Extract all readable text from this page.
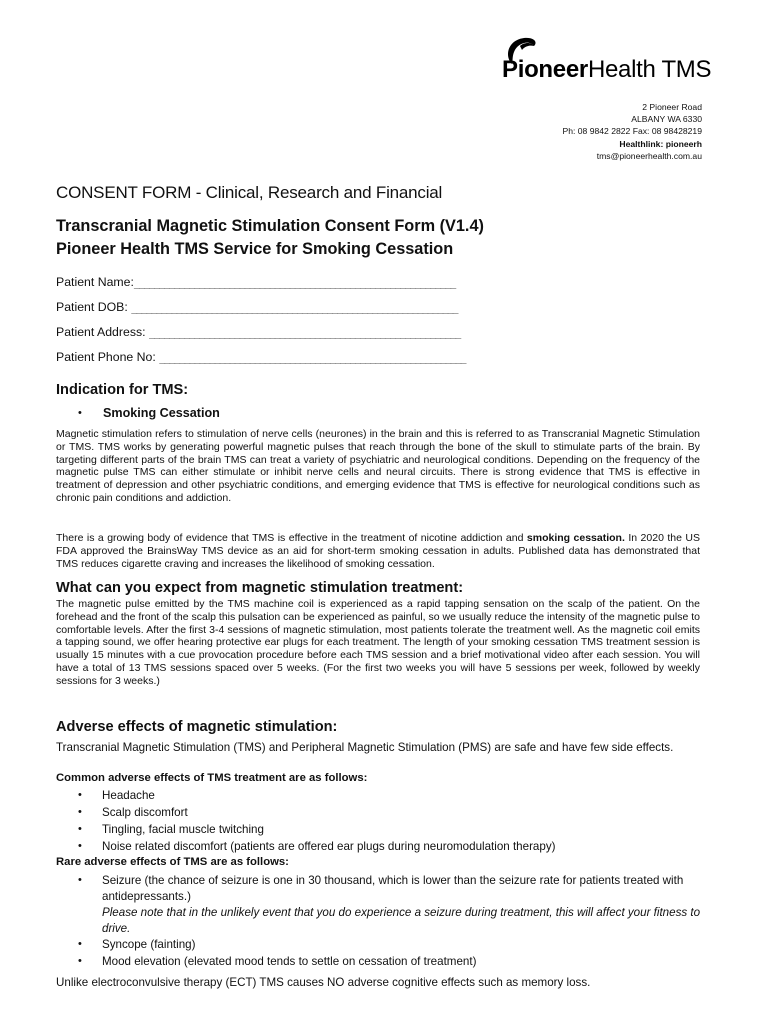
PioneerHealth TMS
2 Pioneer Road
ALBANY WA 6330
Ph: 08 9842 2822 Fax: 08 98428219
Healthlink: pioneerh
tms@pioneerhealth.com.au
CONSENT FORM - Clinical, Research and Financial
Transcranial Magnetic Stimulation Consent Form (V1.4)
Pioneer Health TMS Service for Smoking Cessation
Patient Name:________________________________________________________________
Patient DOB: _________________________________________________________________
Patient Address: ______________________________________________________________
Patient Phone No: _____________________________________________________________
Indication for TMS:
• Smoking Cessation

Magnetic stimulation refers to stimulation of nerve cells (neurones) in the brain and this is referred to as Transcranial Magnetic Stimulation or TMS. TMS works by generating powerful magnetic pulses that reach through the bone of the skull to stimulate parts of the brain. By targeting different parts of the brain TMS can treat a variety of psychiatric and neurological conditions. Depending on the frequency of the magnetic pulse TMS can either stimulate or inhibit nerve cells and neural circuits. There is strong evidence that TMS is effective in treatment of depression and other psychiatric conditions, and emerging evidence that TMS is effective for neurological conditions such as chronic pain conditions and addiction.

There is a growing body of evidence that TMS is effective in the treatment of nicotine addiction and smoking cessation. In 2020 the US FDA approved the BrainsWay TMS device as an aid for short-term smoking cessation in adults. Published data has demonstrated that TMS reduces cigarette craving and increases the likelihood of smoking cessation.

What can you expect from magnetic stimulation treatment:

The magnetic pulse emitted by the TMS machine coil is experienced as a rapid tapping sensation on the scalp of the patient. On the forehead and the front of the scalp this pulsation can be experienced as painful, so we usually reduce the intensity of the magnetic pulse to comfortable levels. After the first 3-4 sessions of magnetic stimulation, most patients tolerate the treatment well. As the magnetic coil emits a tapping sound, we offer hearing protective ear plugs for each treatment. The length of your smoking cessation TMS treatment session is usually 15 minutes with a cue provocation procedure before each TMS session and a brief motivational video after each session. You will have a total of 13 TMS sessions spaced over 5 weeks. (For the first two weeks you will have 5 sessions per week, followed by weekly sessions for 3 weeks.)

Adverse effects of magnetic stimulation:

Transcranial Magnetic Stimulation (TMS) and Peripheral Magnetic Stimulation (PMS) are safe and have few side effects.

Common adverse effects of TMS treatment are as follows:
• Headache
• Scalp discomfort
• Tingling, facial muscle twitching
• Noise related discomfort (patients are offered ear plugs during neuromodulation therapy)
Rare adverse effects of TMS are as follows:
• Seizure (the chance of seizure is one in 30 thousand, which is lower than the seizure rate for patients treated with antidepressants.)
Please note that in the unlikely event that you do experience a seizure during treatment, this will affect your fitness to drive.
• Syncope (fainting)
• Mood elevation (elevated mood tends to settle on cessation of treatment)
Unlike electroconvulsive therapy (ECT) TMS causes NO adverse cognitive effects such as memory loss.
